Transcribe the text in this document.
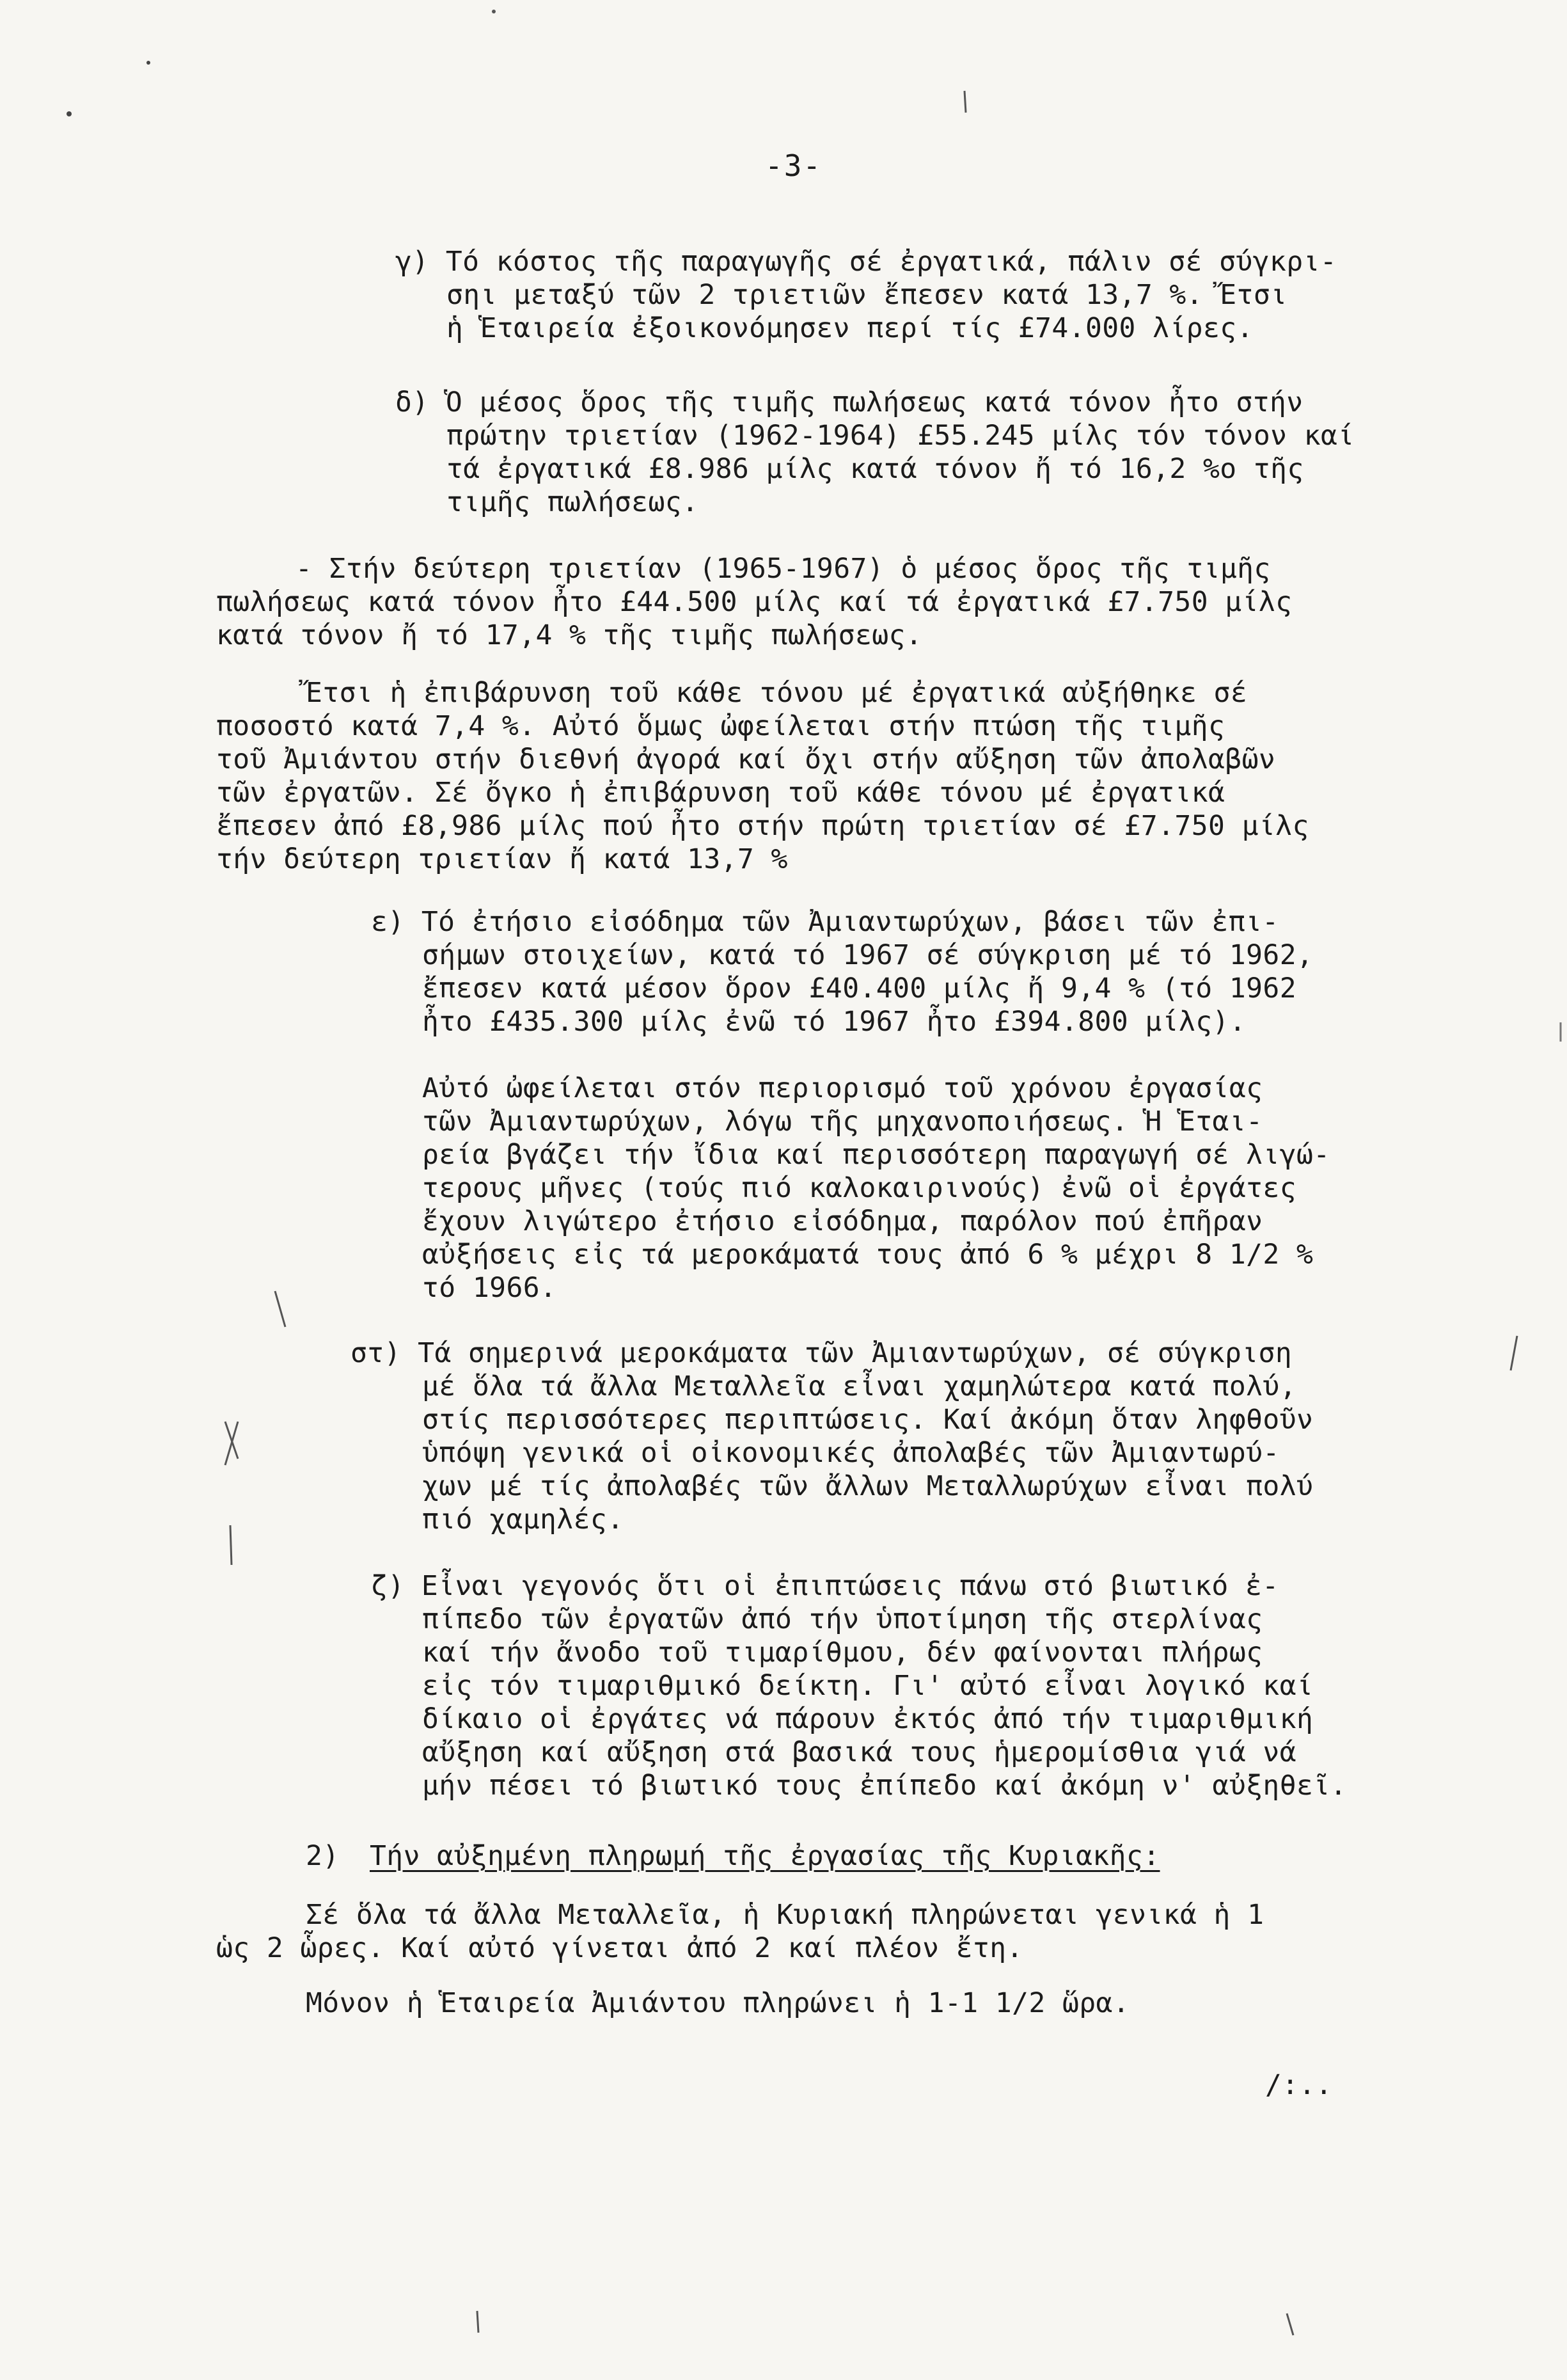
-3-
γ) Τό κόστος τῆς παραγωγῆς σέ ἐργατικά, πάλιν σέ σύγκρι-
σηι μεταξύ τῶν 2 τριετιῶν ἔπεσεν κατά 13,7 %. Ἔτσι
ἡ Ἑταιρεία ἐξοικονόμησεν περί τίς £74.000 λίρες.
δ) Ὁ μέσος ὅρος τῆς τιμῆς πωλήσεως κατά τόνον ἦτο στήν
πρώτην τριετίαν (1962-1964) £55.245 μίλς τόν τόνον καί
τά ἐργατικά £8.986 μίλς κατά τόνον ἤ τό 16,2 %ο τῆς
τιμῆς πωλήσεως.
- Στήν δεύτερη τριετίαν (1965-1967) ὁ μέσος ὅρος τῆς τιμῆς
πωλήσεως κατά τόνον ἦτο £44.500 μίλς καί τά ἐργατικά £7.750 μίλς
κατά τόνον ἤ τό 17,4 % τῆς τιμῆς πωλήσεως.
Ἔτσι ἡ ἐπιβάρυνση τοῦ κάθε τόνου μέ ἐργατικά αὐξήθηκε σέ
ποσοστό κατά 7,4 %. Αὐτό ὅμως ὠφείλεται στήν πτώση τῆς τιμῆς
τοῦ Ἀμιάντου στήν διεθνή ἀγορά καί ὄχι στήν αὔξηση τῶν ἀπολαβῶν
τῶν ἐργατῶν. Σέ ὄγκο ἡ ἐπιβάρυνση τοῦ κάθε τόνου μέ ἐργατικά
ἔπεσεν ἀπό £8,986 μίλς πού ἦτο στήν πρώτη τριετίαν σέ £7.750 μίλς
τήν δεύτερη τριετίαν ἤ κατά 13,7 %
ε) Τό ἐτήσιο εἰσόδημα τῶν Ἀμιαντωρύχων, βάσει τῶν ἐπι-
σήμων στοιχείων, κατά τό 1967 σέ σύγκριση μέ τό 1962,
ἔπεσεν κατά μέσον ὅρον £40.400 μίλς ἤ 9,4 % (τό 1962
ἦτο £435.300 μίλς ἐνῶ τό 1967 ἦτο £394.800 μίλς).
Αὐτό ὠφείλεται στόν περιορισμό τοῦ χρόνου ἐργασίας
τῶν Ἀμιαντωρύχων, λόγω τῆς μηχανοποιήσεως. Ἡ Ἑται-
ρεία βγάζει τήν ἴδια καί περισσότερη παραγωγή σέ λιγώ-
τερους μῆνες (τούς πιό καλοκαιρινούς) ἐνῶ οἱ ἐργάτες
ἔχουν λιγώτερο ἐτήσιο εἰσόδημα, παρόλον πού ἐπῆραν
αὐξήσεις εἰς τά μεροκάματά τους ἀπό 6 % μέχρι 8 1/2 %
τό 1966.
στ) Τά σημερινά μεροκάματα τῶν Ἀμιαντωρύχων, σέ σύγκριση
μέ ὅλα τά ἄλλα Μεταλλεῖα εἶναι χαμηλώτερα κατά πολύ,
στίς περισσότερες περιπτώσεις. Καί ἀκόμη ὅταν ληφθοῦν
ὑπόψη γενικά οἱ οἰκονομικές ἀπολαβές τῶν Ἀμιαντωρύ-
χων μέ τίς ἀπολαβές τῶν ἄλλων Μεταλλωρύχων εἶναι πολύ
πιό χαμηλές.
ζ) Εἶναι γεγονός ὅτι οἱ ἐπιπτώσεις πάνω στό βιωτικό ἐ-
πίπεδο τῶν ἐργατῶν ἀπό τήν ὑποτίμηση τῆς στερλίνας
καί τήν ἄνοδο τοῦ τιμαρίθμου, δέν φαίνονται πλήρως
εἰς τόν τιμαριθμικό δείκτη. Γι' αὐτό εἶναι λογικό καί
δίκαιο οἱ ἐργάτες νά πάρουν ἐκτός ἀπό τήν τιμαριθμική
αὔξηση καί αὔξηση στά βασικά τους ἡμερομίσθια γιά νά
μήν πέσει τό βιωτικό τους ἐπίπεδο καί ἀκόμη ν' αὐξηθεῖ.
2) Τήν αὐξημένη πληρωμή τῆς ἐργασίας τῆς Κυριακῆς:
Σέ ὅλα τά ἄλλα Μεταλλεῖα, ἡ Κυριακή πληρώνεται γενικά ἡ 1
ὡς 2 ὧρες. Καί αὐτό γίνεται ἀπό 2 καί πλέον ἔτη.
Μόνον ἡ Ἑταιρεία Ἀμιάντου πληρώνει ἡ 1-1 1/2 ὥρα.
/:..
